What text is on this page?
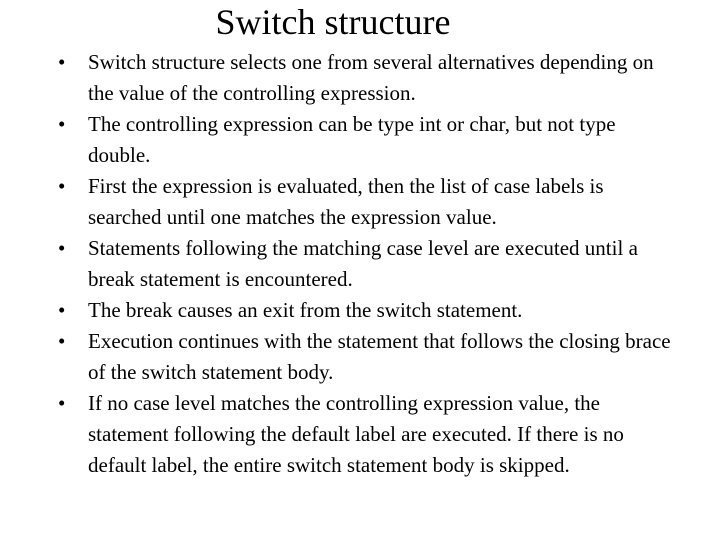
Switch structure
• Switch structure selects one from several alternatives depending on the value of the controlling expression.
• The controlling expression can be type int or char, but not type double.
• First the expression is evaluated, then the list of case labels is searched until one matches the expression value.
• Statements following the matching case level are executed until a break statement is encountered.
• The break causes an exit from the switch statement.
• Execution continues with the statement that follows the closing brace of the switch statement body.
• If no case level matches the controlling expression value, the statement following the default label are executed. If there is no default label, the entire switch statement body is skipped.
